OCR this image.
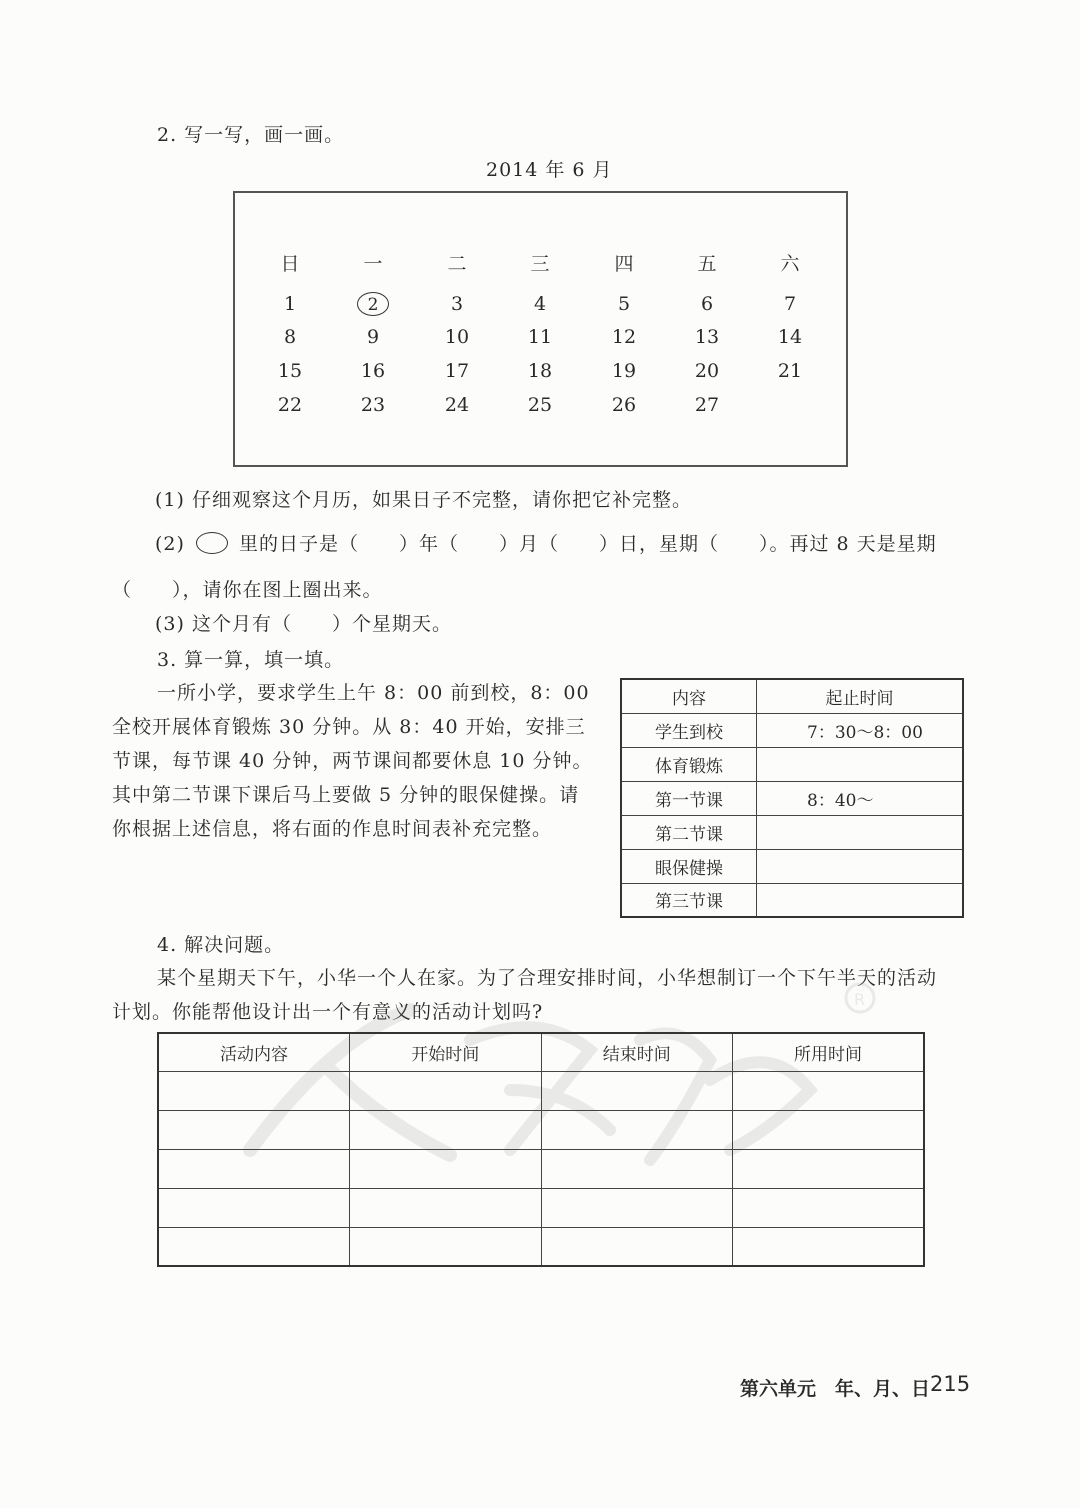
2. 写一写，画一画。
2014 年 6 月
日	一	二	三	四	五	六
1	2	3	4	5	6	7
8	9	10	11	12	13	14
15	16	17	18	19	20	21
22	23	24	25	26	27
(1) 仔细观察这个月历，如果日子不完整，请你把它补完整。
(2)	里的日子是（　　）年（　　）月（　　）日，星期（　　）。再过 8 天是星期
（　　），请你在图上圈出来。
(3) 这个月有（　　）个星期天。
3. 算一算，填一填。
一所小学，要求学生上午 8：00 前到校，8：00
全校开展体育锻炼 30 分钟。从 8：40 开始，安排三
节课，每节课 40 分钟，两节课间都要休息 10 分钟。
其中第二节课下课后马上要做 5 分钟的眼保健操。请
你根据上述信息，将右面的作息时间表补充完整。
内容	起止时间
学生到校	7：30～8：00
体育锻炼	
第一节课	8：40～
第二节课	
眼保健操	
第三节课	
4. 解决问题。
某个星期天下午，小华一个人在家。为了合理安排时间，小华想制订一个下午半天的活动
计划。你能帮他设计出一个有意义的活动计划吗?
R
活动内容	开始时间	结束时间	所用时间

第六单元　年、月、日 215
